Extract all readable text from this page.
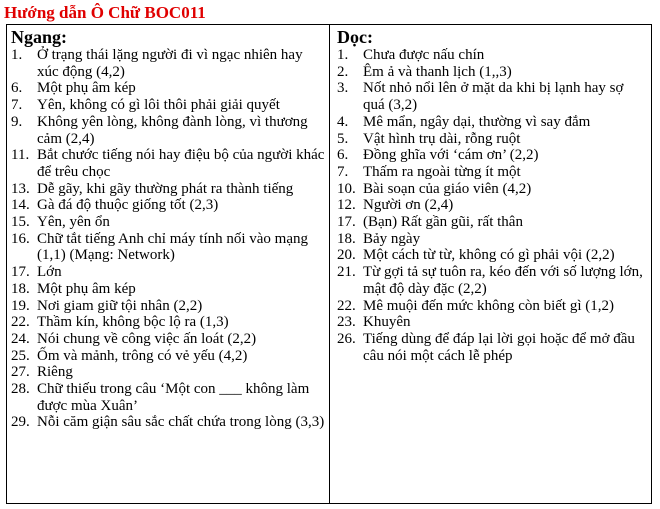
Hướng dẫn Ô Chữ BOC011
Ngang:
1. Ở trạng thái lặng người đi vì ngạc nhiên hay xúc động (4,2)
6. Một phụ âm kép
7. Yên, không có gì lôi thôi phải giải quyết
9. Không yên lòng, không đành lòng, vì thương cảm (2,4)
11. Bắt chước tiếng nói hay điệu bộ của người khác để trêu chọc
13. Dễ gãy, khi gãy thường phát ra thành tiếng
14. Gà đá độ thuộc giống tốt (2,3)
15. Yên, yên ổn
16. Chữ tắt tiếng Anh chỉ máy tính nối vào mạng (1,1) (Mạng: Network)
17. Lớn
18. Một phụ âm kép
19. Nơi giam giữ tội nhân (2,2)
22. Thầm kín, không bộc lộ ra (1,3)
24. Nói chung về công việc ấn loát (2,2)
25. Ốm và mảnh, trông có vẻ yếu (4,2)
27. Riêng
28. Chữ thiếu trong câu ‘Một con ___ không làm được mùa Xuân’
29. Nỗi căm giận sâu sắc chất chứa trong lòng (3,3)
Dọc:
1. Chưa được nấu chín
2. Êm ả và thanh lịch (1,,3)
3. Nốt nhỏ nổi lên ở mặt da khi bị lạnh hay sợ quá (3,2)
4. Mê mẩn, ngây dại, thường vì say đắm
5. Vật hình trụ dài, rỗng ruột
6. Đồng ghĩa với ‘cám ơn’ (2,2)
7. Thấm ra ngoài từng ít một
10. Bài soạn của giáo viên (4,2)
12. Người ơn (2,4)
17. (Bạn) Rất gần gũi, rất thân
18. Bảy ngày
20. Một cách từ từ, không có gì phải vội (2,2)
21. Từ gợi tả sự tuôn ra, kéo đến với số lượng lớn, mật độ dày đặc (2,2)
22. Mê muội đến mức không còn biết gì (1,2)
23. Khuyên
26. Tiếng dùng để đáp lại lời gọi hoặc để mở đầu câu nói một cách lễ phép
